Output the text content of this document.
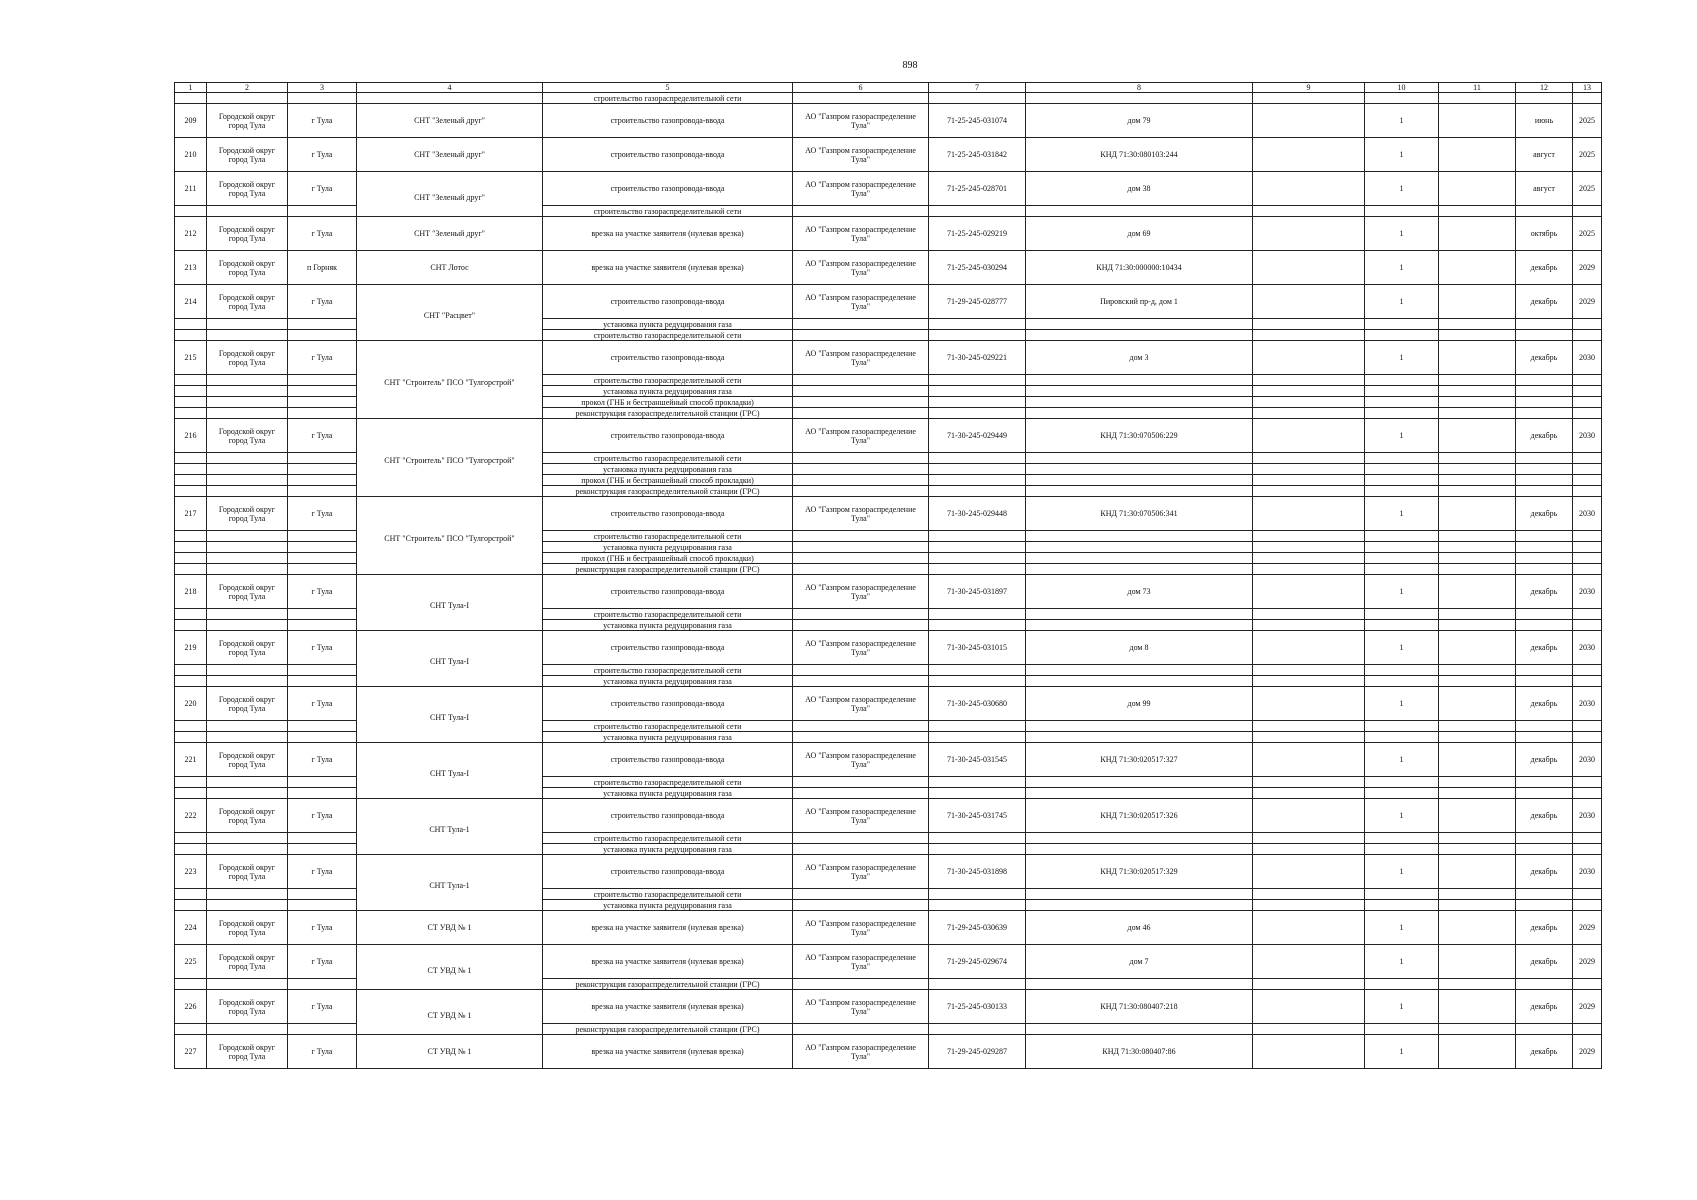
898
1	2	3	4	5	6	7	8	9	10	11	12	13
				строительство газораспределительной сети								
209	Городской округ город Тула	г Тула	СНТ "Зеленый друг"	строительство газопровода-ввода	АО "Газпром газораспределение Тула"	71-25-245-031074	дом 79		1		июнь	2025
210	Городской округ город Тула	г Тула	СНТ "Зеленый друг"	строительство газопровода-ввода	АО "Газпром газораспределение Тула"	71-25-245-031842	КНД 71:30:080103:244		1		август	2025
211	Городской округ город Тула	г Тула	СНТ "Зеленый друг"	строительство газопровода-ввода	АО "Газпром газораспределение Тула"	71-25-245-028701	дом 38		1		август	2025
				строительство газораспределительной сети								
212	Городской округ город Тула	г Тула	СНТ "Зеленый друг"	врезка на участке заявителя (нулевая врезка)	АО "Газпром газораспределение Тула"	71-25-245-029219	дом 69		1		октябрь	2025
213	Городской округ город Тула	п Горняк	СНТ Лотос	врезка на участке заявителя (нулевая врезка)	АО "Газпром газораспределение Тула"	71-25-245-030294	КНД 71:30:000000:10434		1		декабрь	2029
214	Городской округ город Тула	г Тула	СНТ "Расцвет"	строительство газопровода-ввода	АО "Газпром газораспределение Тула"	71-29-245-028777	Пировский пр-д, дом 1		1		декабрь	2029
				установка пункта редуцирования газа								
				строительство газораспределительной сети								
215	Городской округ город Тула	г Тула	СНТ "Строитель" ПСО "Тулгорстрой"	строительство газопровода-ввода	АО "Газпром газораспределение Тула"	71-30-245-029221	дом 3		1		декабрь	2030
				строительство газораспределительной сети								
				установка пункта редуцирования газа								
				прокол (ГНБ и бестраншейный способ прокладки)								
				реконструкция газораспределительной станции (ГРС)								
216	Городской округ город Тула	г Тула	СНТ "Строитель" ПСО "Тулгорстрой"	строительство газопровода-ввода	АО "Газпром газораспределение Тула"	71-30-245-029449	КНД 71:30:070506:229		1		декабрь	2030
				строительство газораспределительной сети								
				установка пункта редуцирования газа								
				прокол (ГНБ и бестраншейный способ прокладки)								
				реконструкция газораспределительной станции (ГРС)								
217	Городской округ город Тула	г Тула	СНТ "Строитель" ПСО "Тулгорстрой"	строительство газопровода-ввода	АО "Газпром газораспределение Тула"	71-30-245-029448	КНД 71:30:070506:341		1		декабрь	2030
				строительство газораспределительной сети								
				установка пункта редуцирования газа								
				прокол (ГНБ и бестраншейный способ прокладки)								
				реконструкция газораспределительной станции (ГРС)								
218	Городской округ город Тула	г Тула	СНТ Тула-I	строительство газопровода-ввода	АО "Газпром газораспределение Тула"	71-30-245-031897	дом 73		1		декабрь	2030
				строительство газораспределительной сети								
				установка пункта редуцирования газа								
219	Городской округ город Тула	г Тула	СНТ Тула-I	строительство газопровода-ввода	АО "Газпром газораспределение Тула"	71-30-245-031015	дом 8		1		декабрь	2030
				строительство газораспределительной сети								
				установка пункта редуцирования газа								
220	Городской округ город Тула	г Тула	СНТ Тула-I	строительство газопровода-ввода	АО "Газпром газораспределение Тула"	71-30-245-030680	дом 99		1		декабрь	2030
				строительство газораспределительной сети								
				установка пункта редуцирования газа								
221	Городской округ город Тула	г Тула	СНТ Тула-I	строительство газопровода-ввода	АО "Газпром газораспределение Тула"	71-30-245-031545	КНД 71:30:020517:327		1		декабрь	2030
				строительство газораспределительной сети								
				установка пункта редуцирования газа								
222	Городской округ город Тула	г Тула	СНТ Тула-1	строительство газопровода-ввода	АО "Газпром газораспределение Тула"	71-30-245-031745	КНД 71:30:020517:326		1		декабрь	2030
				строительство газораспределительной сети								
				установка пункта редуцирования газа								
223	Городской округ город Тула	г Тула	СНТ Тула-1	строительство газопровода-ввода	АО "Газпром газораспределение Тула"	71-30-245-031898	КНД 71:30:020517:329		1		декабрь	2030
				строительство газораспределительной сети								
				установка пункта редуцирования газа								
224	Городской округ город Тула	г Тула	СТ УВД № 1	врезка на участке заявителя (нулевая врезка)	АО "Газпром газораспределение Тула"	71-29-245-030639	дом 46		1		декабрь	2029
225	Городской округ город Тула	г Тула	СТ УВД № 1	врезка на участке заявителя (нулевая врезка)	АО "Газпром газораспределение Тула"	71-29-245-029674	дом 7		1		декабрь	2029
				реконструкция газораспределительной станции (ГРС)								
226	Городской округ город Тула	г Тула	СТ УВД № 1	врезка на участке заявителя (нулевая врезка)	АО "Газпром газораспределение Тула"	71-25-245-030133	КНД 71:30:080407:218		1		декабрь	2029
				реконструкция газораспределительной станции (ГРС)								
227	Городской округ город Тула	г Тула	СТ УВД № 1	врезка на участке заявителя (нулевая врезка)	АО "Газпром газораспределение Тула"	71-29-245-029287	КНД 71:30:080407:86		1		декабрь	2029
